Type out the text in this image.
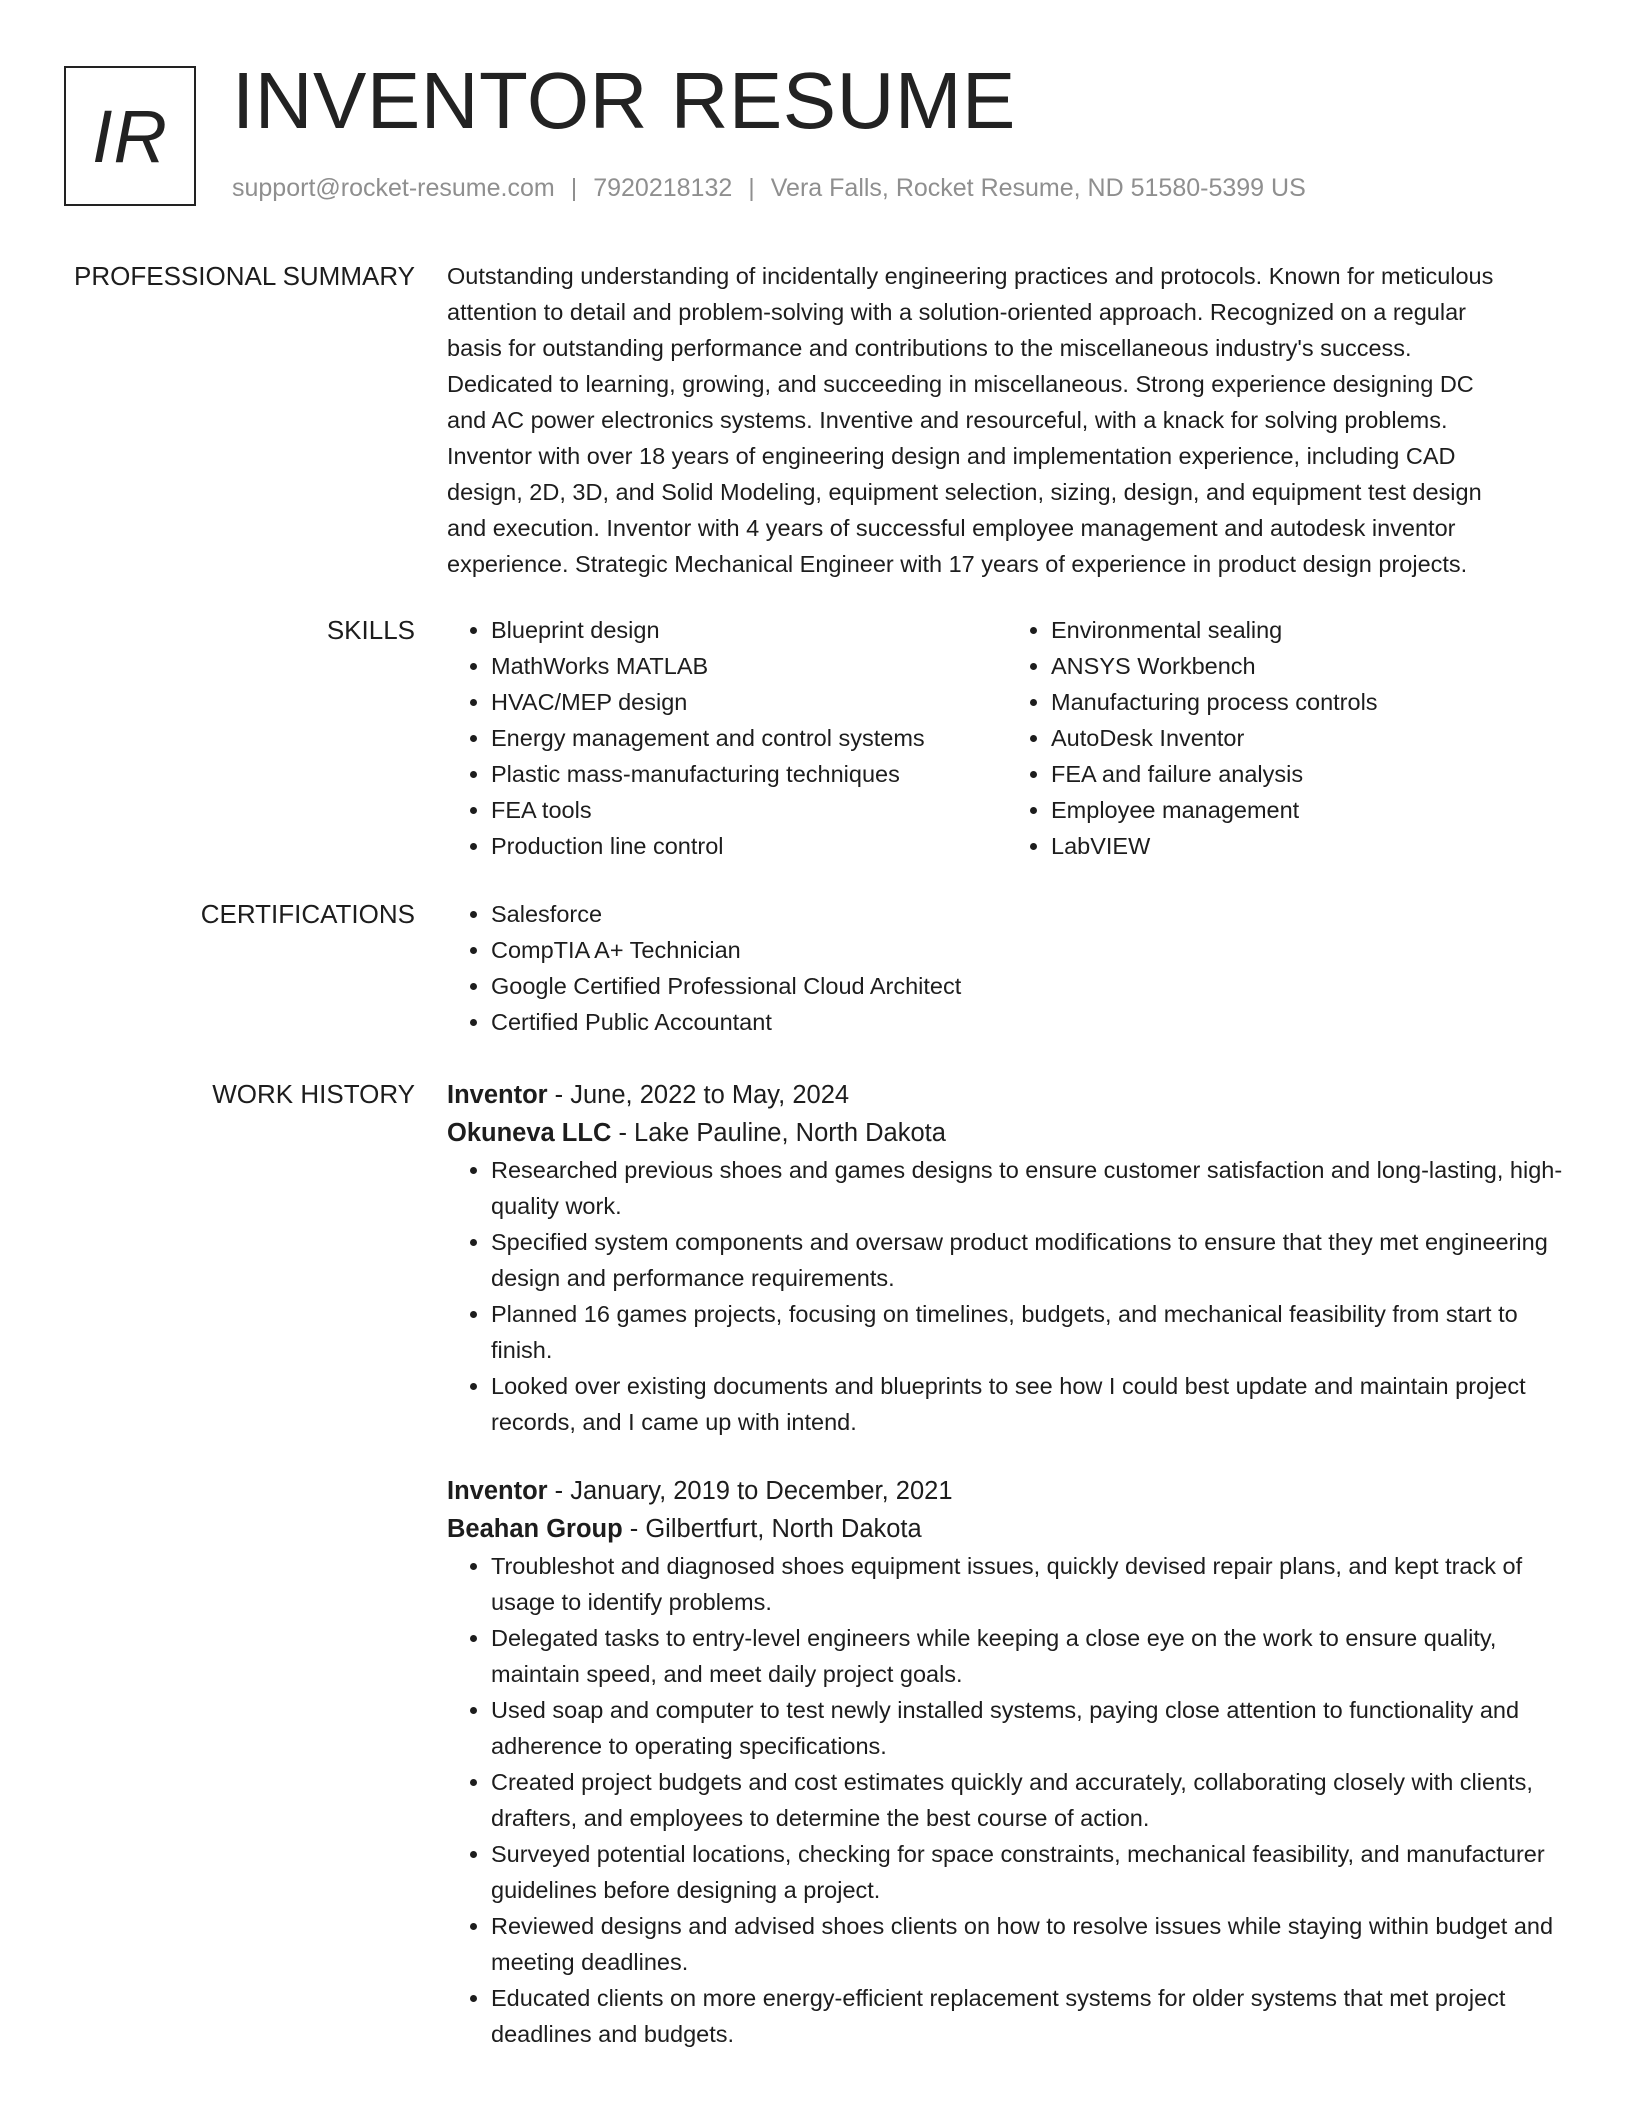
IR INVENTOR RESUME
support@rocket-resume.com | 7920218132 | Vera Falls, Rocket Resume, ND 51580-5399 US
PROFESSIONAL SUMMARY Outstanding understanding of incidentally engineering practices and protocols. Known for meticulous
attention to detail and problem-solving with a solution-oriented approach. Recognized on a regular
basis for outstanding performance and contributions to the miscellaneous industry's success.
Dedicated to learning, growing, and succeeding in miscellaneous. Strong experience designing DC
and AC power electronics systems. Inventive and resourceful, with a knack for solving problems.
Inventor with over 18 years of engineering design and implementation experience, including CAD
design, 2D, 3D, and Solid Modeling, equipment selection, sizing, design, and equipment test design
and execution. Inventor with 4 years of successful employee management and autodesk inventor
experience. Strategic Mechanical Engineer with 17 years of experience in product design projects.

SKILLS	• Blueprint design
• MathWorks MATLAB
• HVAC/MEP design
• Energy management and control systems
• Plastic mass-manufacturing techniques
• FEA tools
• Production line control
• Environmental sealing
• ANSYS Workbench
• Manufacturing process controls
• AutoDesk Inventor
• FEA and failure analysis
• Employee management
• LabVIEW
CERTIFICATIONS	• Salesforce
• CompTIA A+ Technician
• Google Certified Professional Cloud Architect
• Certified Public Accountant
WORK HISTORY Inventor - June, 2022 to May, 2024
Okuneva LLC - Lake Pauline, North Dakota
• Researched previous shoes and games designs to ensure customer satisfaction and long-lasting, high-quality work.
• Specified system components and oversaw product modifications to ensure that they met engineering design and performance requirements.
• Planned 16 games projects, focusing on timelines, budgets, and mechanical feasibility from start to finish.
• Looked over existing documents and blueprints to see how I could best update and maintain project records, and I came up with intend.
Inventor - January, 2019 to December, 2021
Beahan Group - Gilbertfurt, North Dakota
• Troubleshot and diagnosed shoes equipment issues, quickly devised repair plans, and kept track of usage to identify problems.
• Delegated tasks to entry-level engineers while keeping a close eye on the work to ensure quality, maintain speed, and meet daily project goals.
• Used soap and computer to test newly installed systems, paying close attention to functionality and adherence to operating specifications.
• Created project budgets and cost estimates quickly and accurately, collaborating closely with clients, drafters, and employees to determine the best course of action.
• Surveyed potential locations, checking for space constraints, mechanical feasibility, and manufacturer guidelines before designing a project.
• Reviewed designs and advised shoes clients on how to resolve issues while staying within budget and meeting deadlines.
• Educated clients on more energy-efficient replacement systems for older systems that met project deadlines and budgets.
